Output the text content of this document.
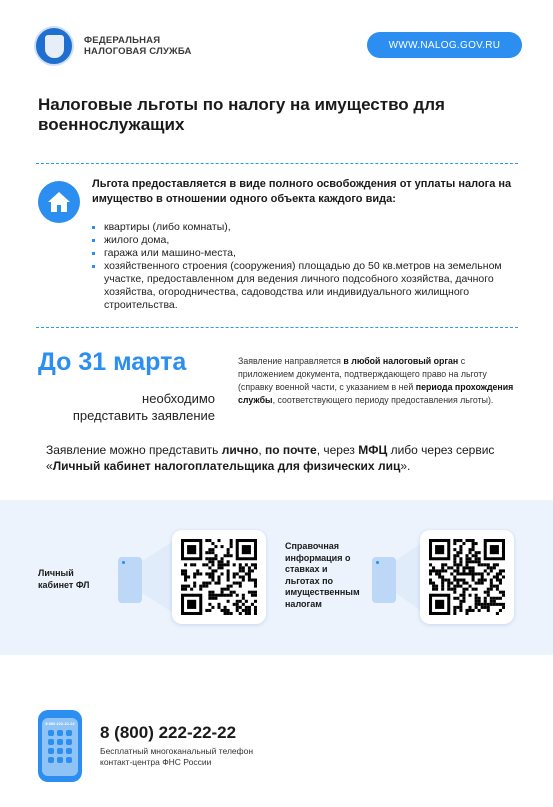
ФЕДЕРАЛЬНАЯ
НАЛОГОВАЯ СЛУЖБА
WWW.NALOG.GOV.RU
Налоговые льготы по налогу на имущество для военнослужащих
Льгота предоставляется в виде полного освобождения от уплаты налога на имущество в отношении одного объекта каждого вида:
квартиры (либо комнаты),
жилого дома,
гаража или машино-места,
хозяйственного строения (сооружения) площадью до 50 кв.метров на земельном участке, предоставленном для ведения личного подсобного хозяйства, дачного хозяйства, огородничества, садоводства или индивидуального жилищного строительства.
До 31 марта
необходимо
представить заявление
Заявление направляется в любой налоговый орган с приложением документа, подтверждающего право на льготу (справку военной части, с указанием в ней периода прохождения службы, соответствующего периоду предоставления льготы).
Заявление можно представить лично, по почте, через МФЦ либо через сервис «Личный кабинет налогоплательщика для физических лиц».
Личный
кабинет ФЛ
Справочная
информация о
ставках и
льготах по
имущественным
налогам
8 800 222-22-22 8 (800) 222-22-22
Бесплатный многоканальный телефон
контакт-центра ФНС России
